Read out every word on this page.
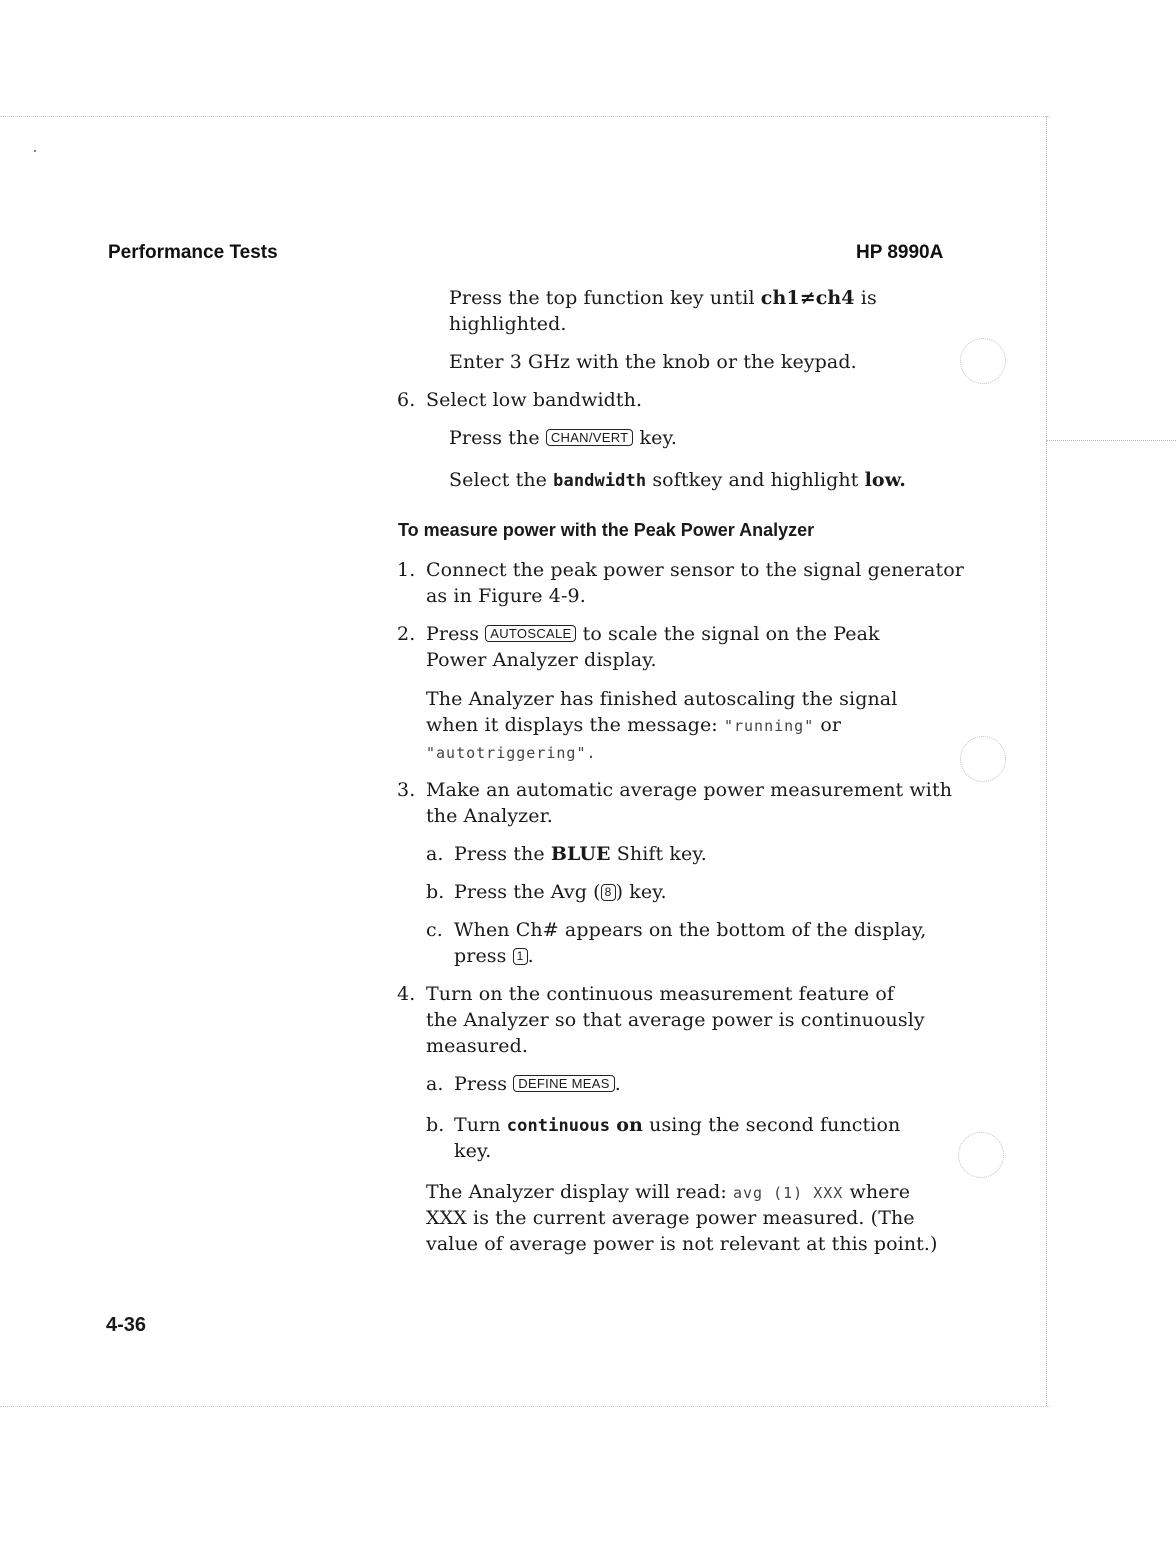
Performance Tests	HP 8990A
Press the top function key until ch1≠ch4 is
highlighted.
Enter 3 GHz with the knob or the keypad.
6. Select low bandwidth.
Press the CHAN/VERT key.
Select the bandwidth softkey and highlight low.
To measure power with the Peak Power Analyzer
1. Connect the peak power sensor to the signal generator
as in Figure 4-9.
2. Press AUTOSCALE to scale the signal on the Peak
Power Analyzer display.
The Analyzer has finished autoscaling the signal
when it displays the message: "running" or
"autotriggering".
3. Make an automatic average power measurement with
the Analyzer.
a. Press the BLUE Shift key.
b. Press the Avg ( 8 ) key.
c. When Ch# appears on the bottom of the display,
press 1 .
4. Turn on the continuous measurement feature of
the Analyzer so that average power is continuously
measured.
a. Press DEFINE MEAS .
b. Turn continuous on using the second function
key.
The Analyzer display will read: avg (1) XXX where
XXX is the current average power measured. (The
value of average power is not relevant at this point.)
4-36
